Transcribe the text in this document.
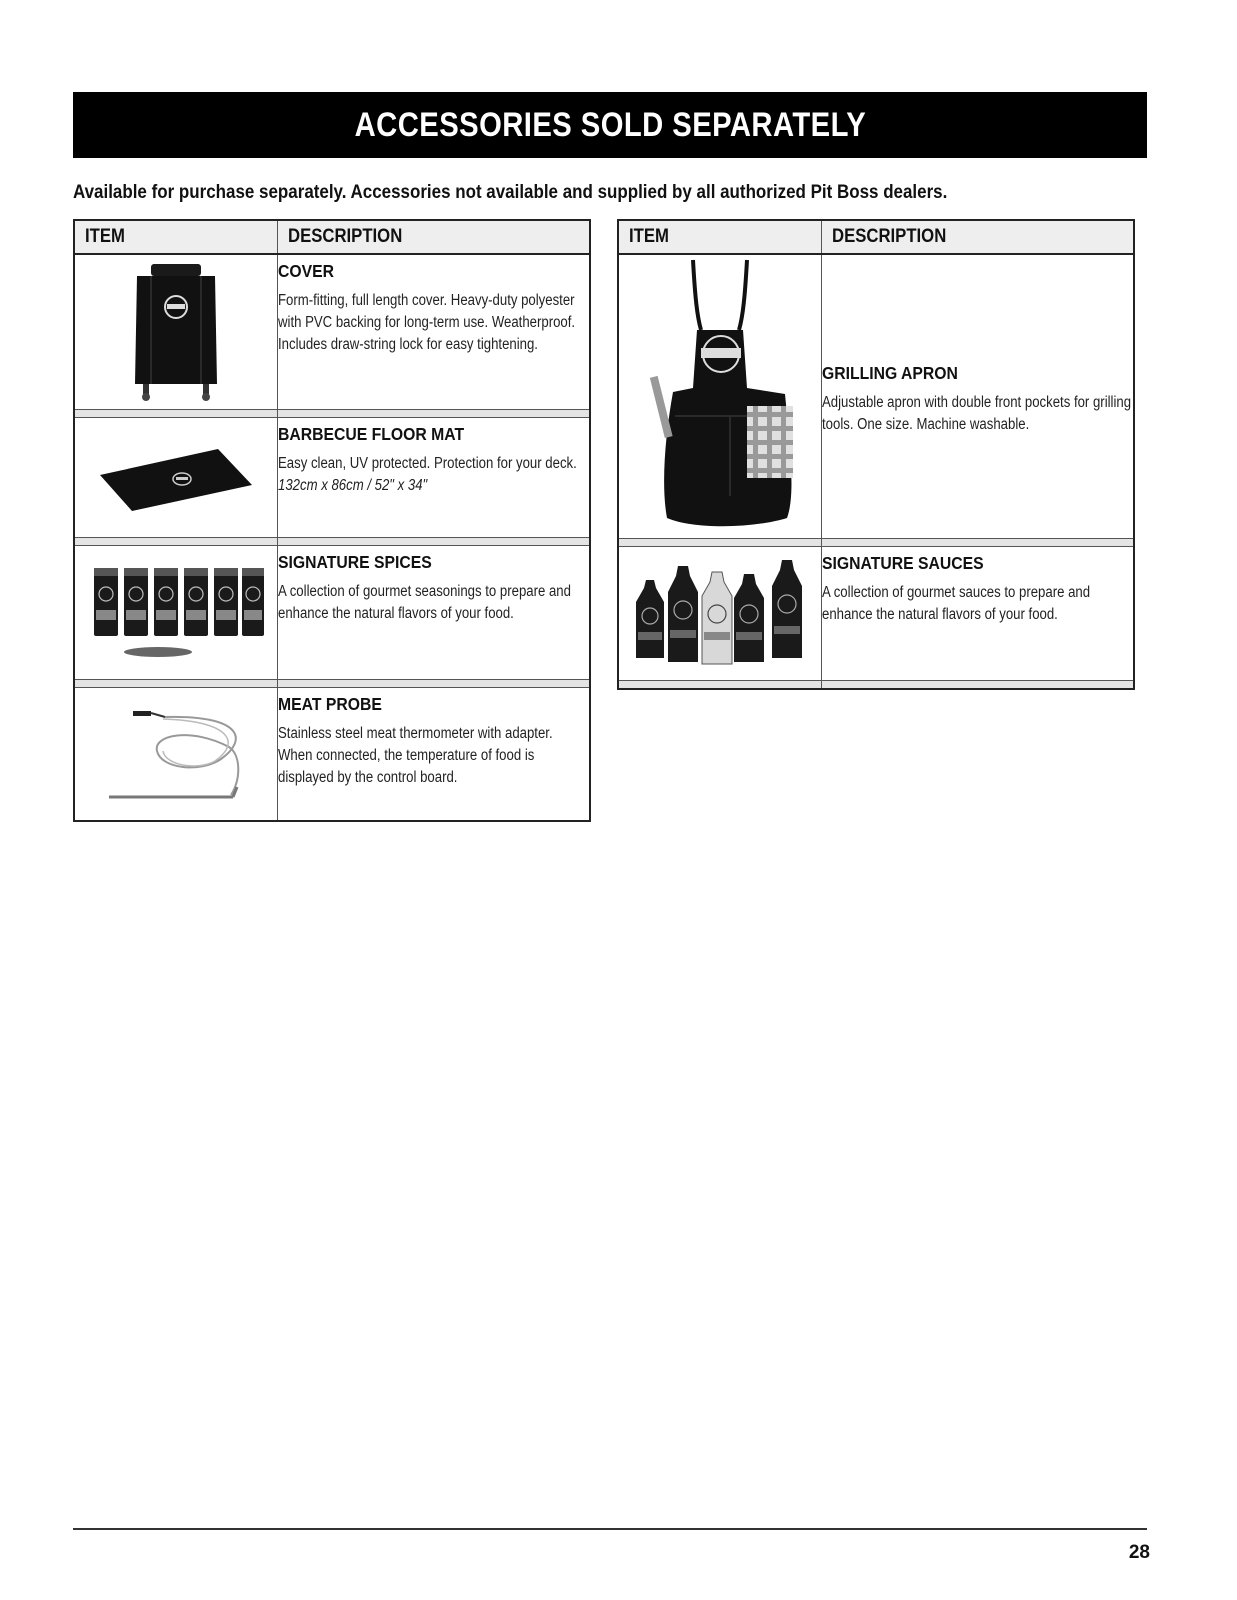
ACCESSORIES SOLD SEPARATELY
Available for purchase separately. Accessories not available and supplied by all authorized Pit Boss dealers.
ITEM	DESCRIPTION

COVER
Form-fitting, full length cover. Heavy-duty polyester with PVC backing for long-term use. Weatherproof. Includes draw-string lock for easy tightening.

BARBECUE FLOOR MAT
Easy clean, UV protected. Protection for your deck. 132cm x 86cm / 52" x 34"

SIGNATURE SPICES
A collection of gourmet seasonings to prepare and enhance the natural flavors of your food.

MEAT PROBE
Stainless steel meat thermometer with adapter. When connected, the temperature of food is displayed by the control board.
ITEM	DESCRIPTION

GRILLING APRON
Adjustable apron with double front pockets for grilling tools. One size. Machine washable.

SIGNATURE SAUCES
A collection of gourmet sauces to prepare and enhance the natural flavors of your food.

28
